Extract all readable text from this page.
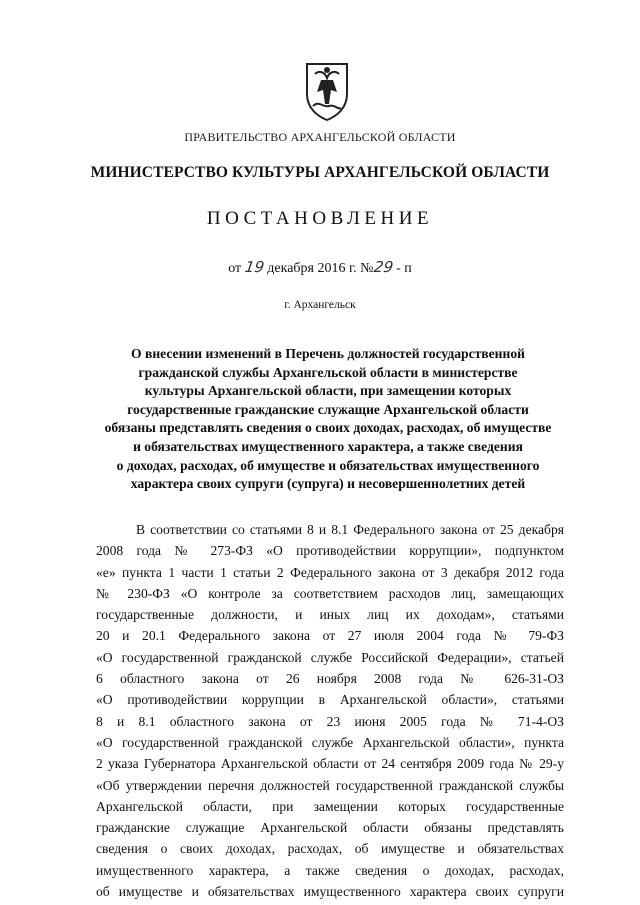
ПРАВИТЕЛЬСТВО АРХАНГЕЛЬСКОЙ ОБЛАСТИ
МИНИСТЕРСТВО КУЛЬТУРЫ АРХАНГЕЛЬСКОЙ ОБЛАСТИ
ПОСТАНОВЛЕНИЕ
от 19 декабря 2016 г. №29 - п
г. Архангельск
О внесении изменений в Перечень должностей государственной
гражданской службы Архангельской области в министерстве
культуры Архангельской области, при замещении которых
государственные гражданские служащие Архангельской области
обязаны представлять сведения о своих доходах, расходах, об имуществе
и обязательствах имущественного характера, а также сведения
о доходах, расходах, об имуществе и обязательствах имущественного
характера своих супруги (супруга) и несовершеннолетних детей
В соответствии со статьями 8 и 8.1 Федерального закона от 25 декабря
2008 года № 273-ФЗ «О противодействии коррупции», подпунктом
«е» пункта 1 части 1 статьи 2 Федерального закона от 3 декабря 2012 года
№ 230-ФЗ «О контроле за соответствием расходов лиц, замещающих
государственные должности, и иных лиц их доходам», статьями
20 и 20.1 Федерального закона от 27 июля 2004 года № 79-ФЗ
«О государственной гражданской службе Российской Федерации», статьей
6 областного закона от 26 ноября 2008 года № 626-31-ОЗ
«О противодействии коррупции в Архангельской области», статьями
8 и 8.1 областного закона от 23 июня 2005 года № 71-4-ОЗ
«О государственной гражданской службе Архангельской области», пункта
2 указа Губернатора Архангельской области от 24 сентября 2009 года № 29-у
«Об утверждении перечня должностей государственной гражданской службы
Архангельской области, при замещении которых государственные
гражданские служащие Архангельской области обязаны представлять
сведения о своих доходах, расходах, об имуществе и обязательствах
имущественного характера, а также сведения о доходах, расходах,
об имуществе и обязательствах имущественного характера своих супруги
